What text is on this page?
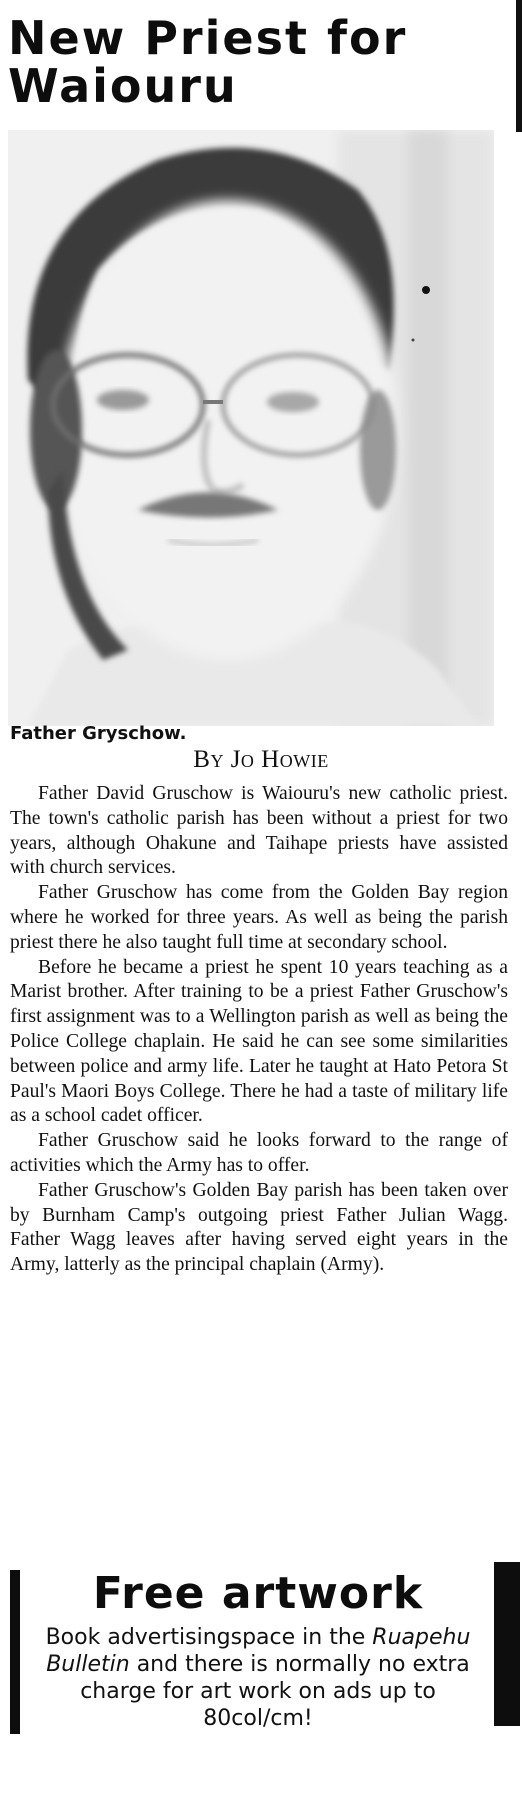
New Priest for Waiouru
Father Gryschow.
By Jo Howie

Father David Gruschow is Waiouru's new catholic priest. The town's catholic parish has been without a priest for two years, although Ohakune and Taihape priests have assisted with church services.

Father Gruschow has come from the Golden Bay region where he worked for three years. As well as being the parish priest there he also taught full time at secondary school.

Before he became a priest he spent 10 years teaching as a Marist brother. After training to be a priest Father Gruschow's first assignment was to a Wellington parish as well as being the Police College chaplain. He said he can see some similarities between police and army life. Later he taught at Hato Petora St Paul's Maori Boys College. There he had a taste of military life as a school cadet officer.

Father Gruschow said he looks forward to the range of activities which the Army has to offer.

Father Gruschow's Golden Bay parish has been taken over by Burnham Camp's outgoing priest Father Julian Wagg. Father Wagg leaves after having served eight years in the Army, latterly as the principal chaplain (Army).

Free artwork
Book advertisingspace in the Ruapehu Bulletin and there is normally no extra charge for art work on ads up to 80col/cm!
